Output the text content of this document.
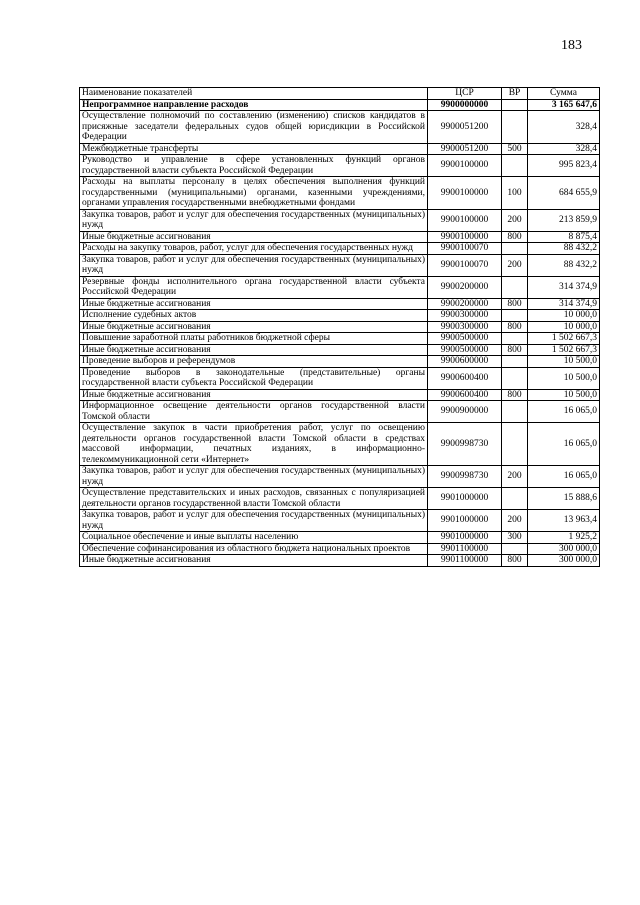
183
Наименование показателей	ЦСР	ВР	Сумма
Непрограммное направление расходов	9900000000		3 165 647,6
Осуществление полномочий по составлению (изменению) списков кандидатов в присяжные заседатели федеральных судов общей юрисдикции в Российской Федерации	9900051200		328,4
Межбюджетные трансферты	9900051200	500	328,4
Руководство и управление в сфере установленных функций органов государственной власти субъекта Российской Федерации	9900100000		995 823,4
Расходы на выплаты персоналу в целях обеспечения выполнения функций государственными (муниципальными) органами, казенными учреждениями, органами управления государственными внебюджетными фондами	9900100000	100	684 655,9
Закупка товаров, работ и услуг для обеспечения государственных (муниципальных) нужд	9900100000	200	213 859,9
Иные бюджетные ассигнования	9900100000	800	8 875,4
Расходы на закупку товаров, работ, услуг для обеспечения государственных нужд	9900100070		88 432,2
Закупка товаров, работ и услуг для обеспечения государственных (муниципальных) нужд	9900100070	200	88 432,2
Резервные фонды исполнительного органа государственной власти субъекта Российской Федерации	9900200000		314 374,9
Иные бюджетные ассигнования	9900200000	800	314 374,9
Исполнение судебных актов	9900300000		10 000,0
Иные бюджетные ассигнования	9900300000	800	10 000,0
Повышение заработной платы работников бюджетной сферы	9900500000		1 502 667,3
Иные бюджетные ассигнования	9900500000	800	1 502 667,3
Проведение выборов и референдумов	9900600000		10 500,0
Проведение выборов в законодательные (представительные) органы государственной власти субъекта Российской Федерации	9900600400		10 500,0
Иные бюджетные ассигнования	9900600400	800	10 500,0
Информационное освещение деятельности органов государственной власти Томской области	9900900000		16 065,0
Осуществление закупок в части приобретения работ, услуг по освещению деятельности органов государственной власти Томской области в средствах массовой информации, печатных изданиях, в информационно-телекоммуникационной сети «Интернет»	9900998730		16 065,0
Закупка товаров, работ и услуг для обеспечения государственных (муниципальных) нужд	9900998730	200	16 065,0
Осуществление представительских и иных расходов, связанных с популяризацией деятельности органов государственной власти Томской области	9901000000		15 888,6
Закупка товаров, работ и услуг для обеспечения государственных (муниципальных) нужд	9901000000	200	13 963,4
Социальное обеспечение и иные выплаты населению	9901000000	300	1 925,2
Обеспечение софинансирования из областного бюджета национальных проектов	9901100000		300 000,0
Иные бюджетные ассигнования	9901100000	800	300 000,0
